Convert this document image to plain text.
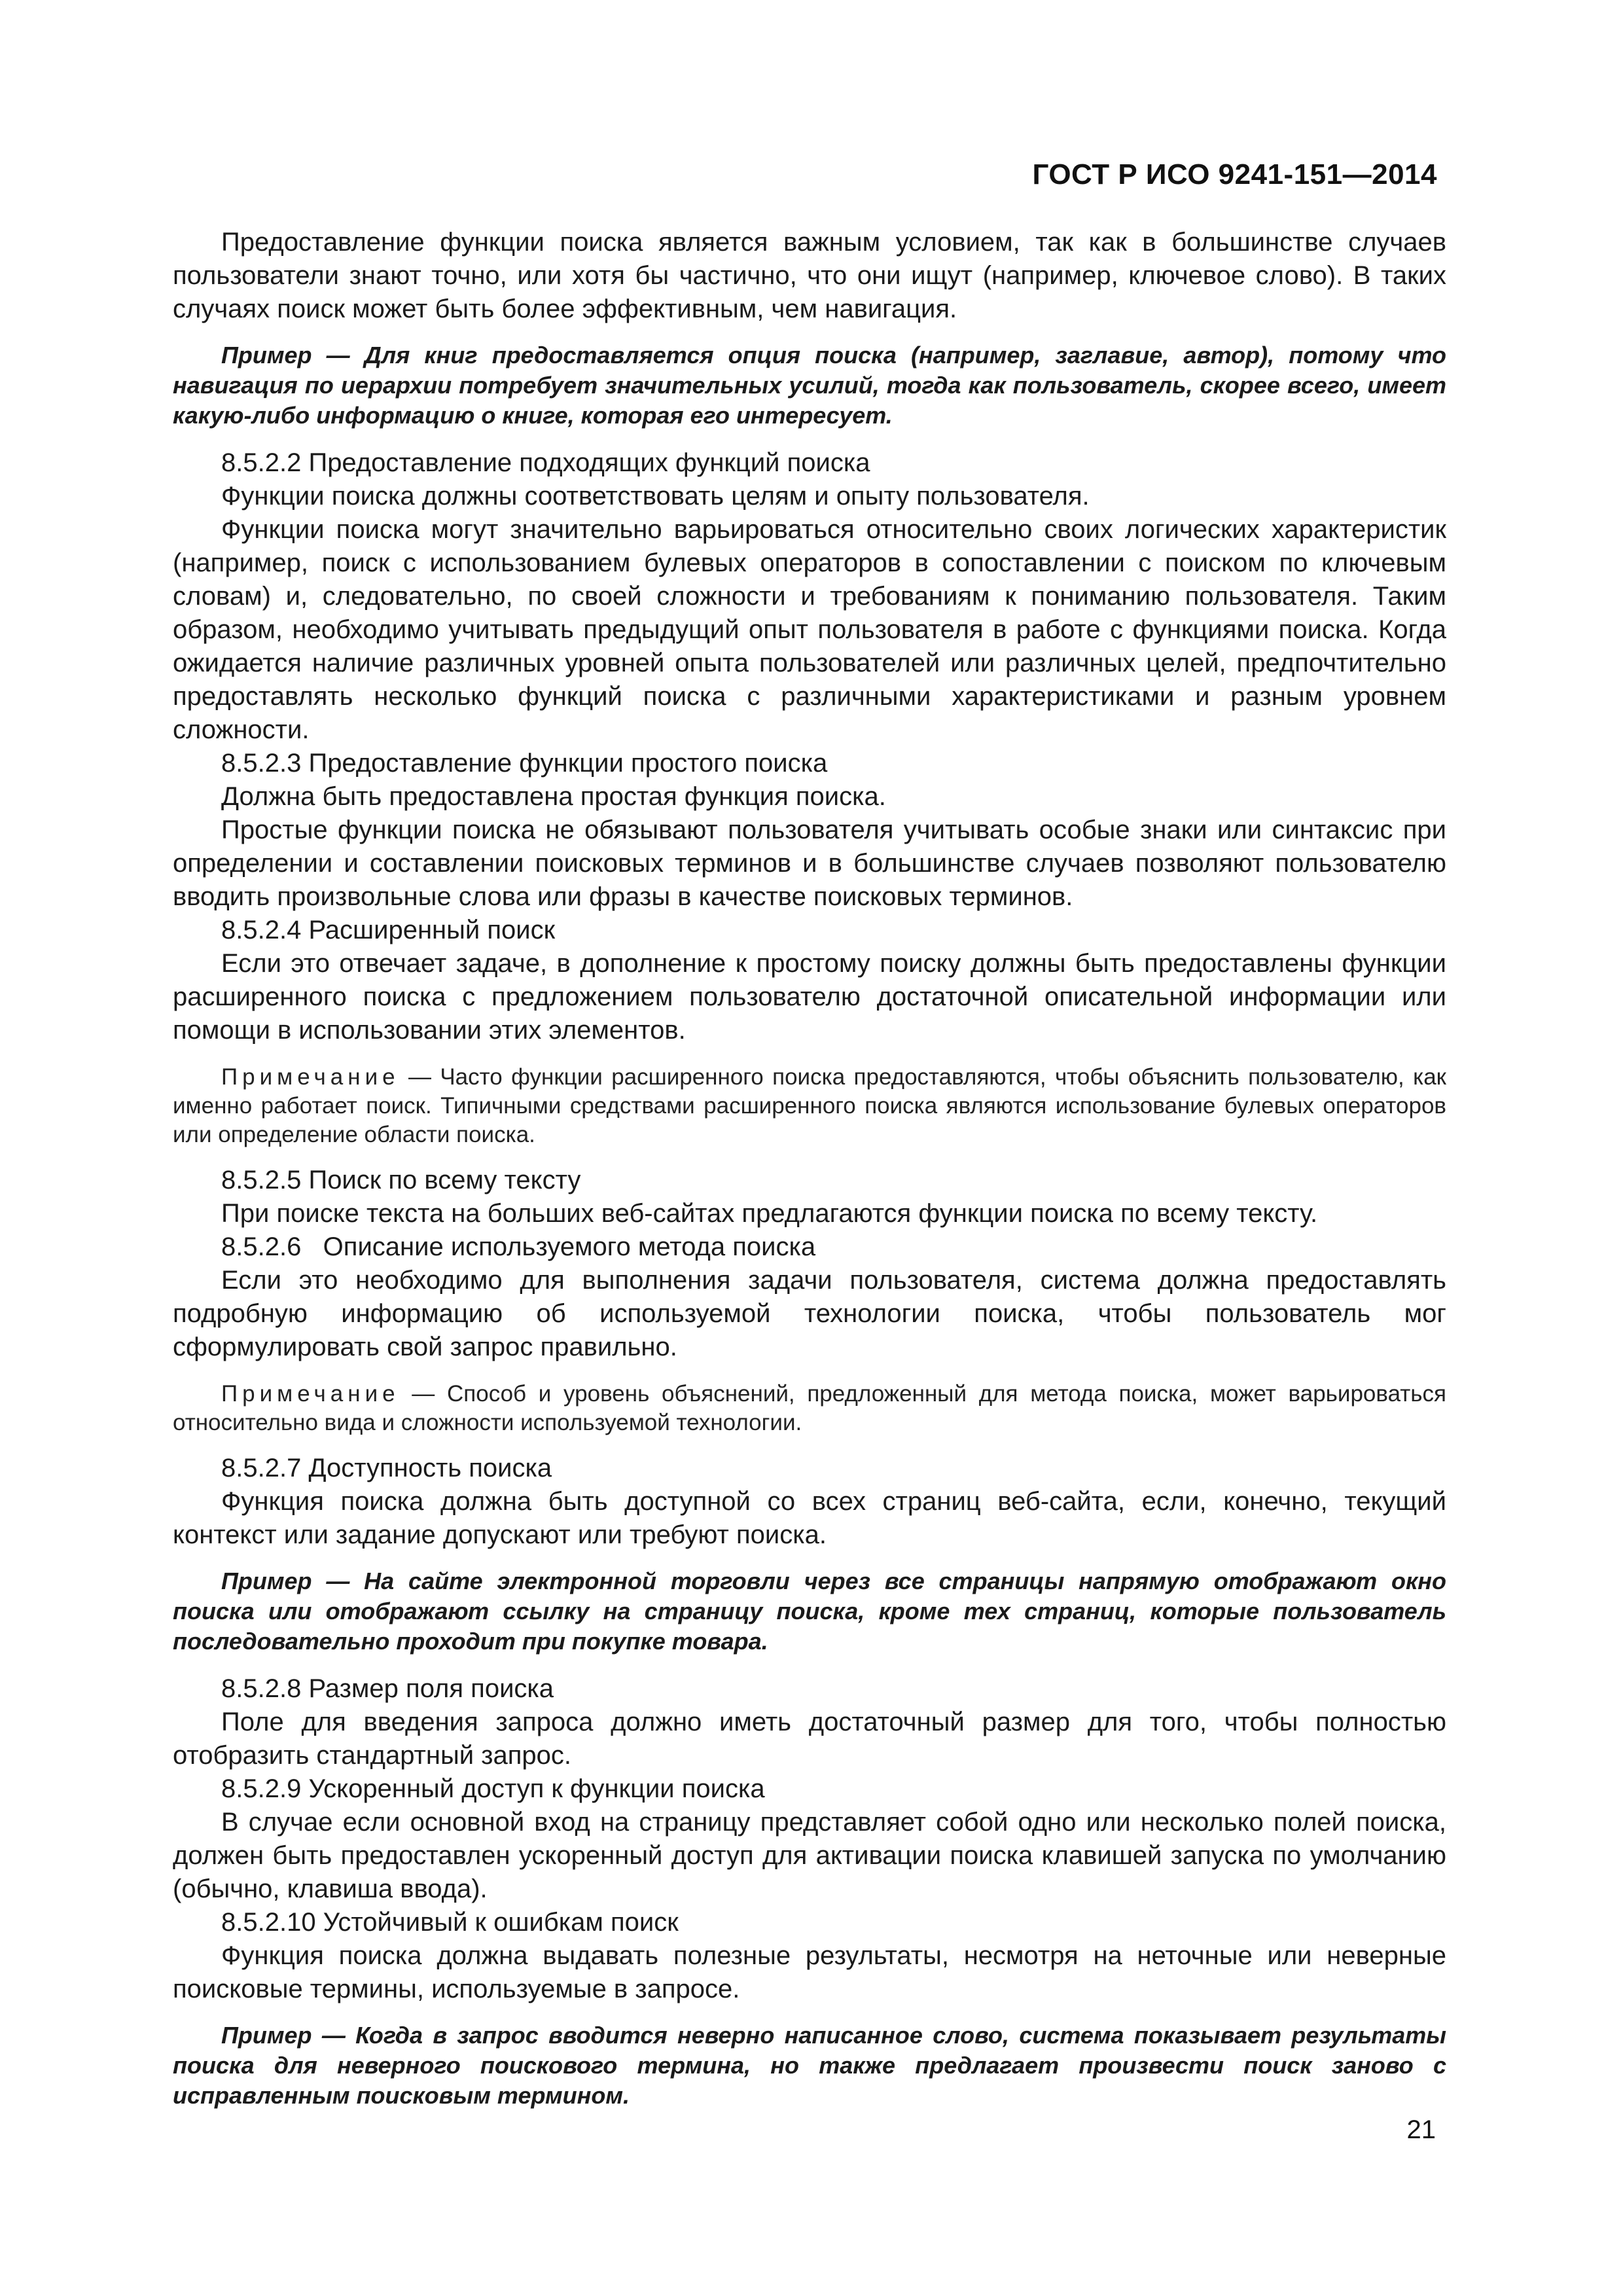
ГОСТ Р ИСО 9241-151—2014

Предоставление функции поиска является важным условием, так как в большинстве случаев пользователи знают точно, или хотя бы частично, что они ищут (например, ключевое слово). В таких случаях поиск может быть более эффективным, чем навигация.

Пример — Для книг предоставляется опция поиска (например, заглавие, автор), потому что навигация по иерархии потребует значительных усилий, тогда как пользователь, скорее всего, имеет какую-либо информацию о книге, которая его интересует.

8.5.2.2 Предоставление подходящих функций поиска

Функции поиска должны соответствовать целям и опыту пользователя.

Функции поиска могут значительно варьироваться относительно своих логических характеристик (например, поиск с использованием булевых операторов в сопоставлении с поиском по ключевым словам) и, следовательно, по своей сложности и требованиям к пониманию пользователя. Таким образом, необходимо учитывать предыдущий опыт пользователя в работе с функциями поиска. Когда ожидается наличие различных уровней опыта пользователей или различных целей, предпочтительно предоставлять несколько функций поиска с различными характеристиками и разным уровнем сложности.

8.5.2.3 Предоставление функции простого поиска

Должна быть предоставлена простая функция поиска.

Простые функции поиска не обязывают пользователя учитывать особые знаки или синтаксис при определении и составлении поисковых терминов и в большинстве случаев позволяют пользователю вводить произвольные слова или фразы в качестве поисковых терминов.

8.5.2.4 Расширенный поиск

Если это отвечает задаче, в дополнение к простому поиску должны быть предоставлены функции расширенного поиска с предложением пользователю достаточной описательной информации или помощи в использовании этих элементов.

Примечание — Часто функции расширенного поиска предоставляются, чтобы объяснить пользователю, как именно работает поиск. Типичными средствами расширенного поиска являются использование булевых операторов или определение области поиска.

8.5.2.5 Поиск по всему тексту

При поиске текста на больших веб-сайтах предлагаются функции поиска по всему тексту.

8.5.2.6   Описание используемого метода поиска

Если это необходимо для выполнения задачи пользователя, система должна предоставлять подробную информацию об используемой технологии поиска, чтобы пользователь мог сформулировать свой запрос правильно.

Примечание — Способ и уровень объяснений, предложенный для метода поиска, может варьироваться относительно вида и сложности используемой технологии.

8.5.2.7 Доступность поиска

Функция поиска должна быть доступной со всех страниц веб-сайта, если, конечно, текущий контекст или задание допускают или требуют поиска.

Пример — На сайте электронной торговли через все страницы напрямую отображают окно поиска или отображают ссылку на страницу поиска, кроме тех страниц, которые пользователь последовательно проходит при покупке товара.

8.5.2.8 Размер поля поиска

Поле для введения запроса должно иметь достаточный размер для того, чтобы полностью отобразить стандартный запрос.

8.5.2.9 Ускоренный доступ к функции поиска

В случае если основной вход на страницу представляет собой одно или несколько полей поиска, должен быть предоставлен ускоренный доступ для активации поиска клавишей запуска по умолчанию (обычно, клавиша ввода).

8.5.2.10 Устойчивый к ошибкам поиск

Функция поиска должна выдавать полезные результаты, несмотря на неточные или неверные поисковые термины, используемые в запросе.

Пример — Когда в запрос вводится неверно написанное слово, система показывает результаты поиска для неверного поискового термина, но также предлагает произвести поиск заново с исправленным поисковым термином.

21
